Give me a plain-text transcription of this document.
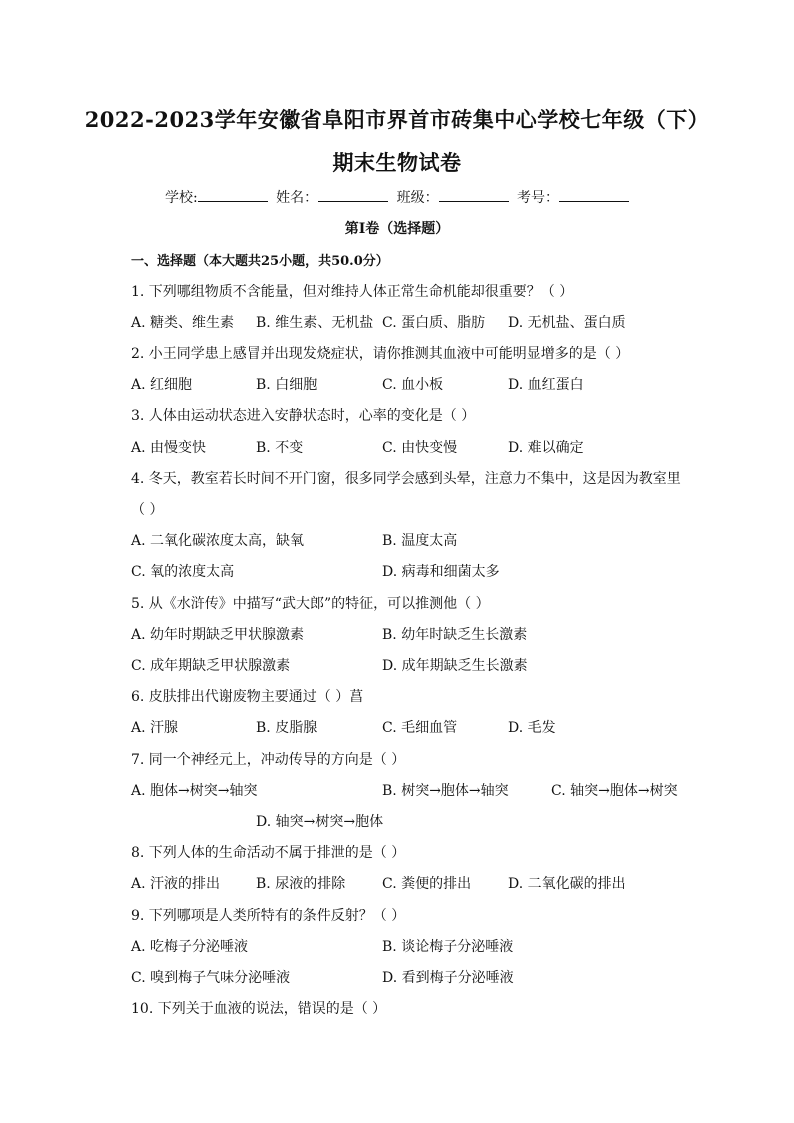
2022-2023学年安徽省阜阳市界首市砖集中心学校七年级（下）
期末生物试卷
学校:	姓名：	班级：	考号：
第I卷（选择题）
一、选择题（本大题共25小题，共50.0分）
1. 下列哪组物质不含能量，但对维持人体正常生命机能却很重要？（ ）
A. 糖类、维生素 B. 维生素、无机盐 C. 蛋白质、脂肪 D. 无机盐、蛋白质
2. 小王同学患上感冒并出现发烧症状，请你推测其血液中可能明显增多的是（ ）
A. 红细胞	B. 白细胞	C. 血小板	D. 血红蛋白
3. 人体由运动状态进入安静状态时，心率的变化是（ ）
A. 由慢变快	B. 不变	C. 由快变慢	D. 难以确定
4. 冬天，教室若长时间不开门窗，很多同学会感到头晕，注意力不集中，这是因为教室里
（ ）
A. 二氧化碳浓度太高，缺氧	B. 温度太高
C. 氧的浓度太高	D. 病毒和细菌太多
5. 从《水浒传》中描写“武大郎”的特征，可以推测他（ ）
A. 幼年时期缺乏甲状腺激素	B. 幼年时缺乏生长激素
C. 成年期缺乏甲状腺激素	D. 成年期缺乏生长激素
6. 皮肤排出代谢废物主要通过（ ）菖
A. 汗腺	B. 皮脂腺	C. 毛细血管	D. 毛发
7. 同一个神经元上，冲动传导的方向是（ ）
A. 胞体→树突→轴突	B. 树突→胞体→轴突	C. 轴突→胞体→树突
D. 轴突→树突→胞体
8. 下列人体的生命活动不属于排泄的是（ ）
A. 汗液的排出	B. 尿液的排除	C. 粪便的排出	D. 二氧化碳的排出
9. 下列哪项是人类所特有的条件反射？（ ）
A. 吃梅子分泌唾液	B. 谈论梅子分泌唾液
C. 嗅到梅子气味分泌唾液	D. 看到梅子分泌唾液
10. 下列关于血液的说法，错误的是（ ）
